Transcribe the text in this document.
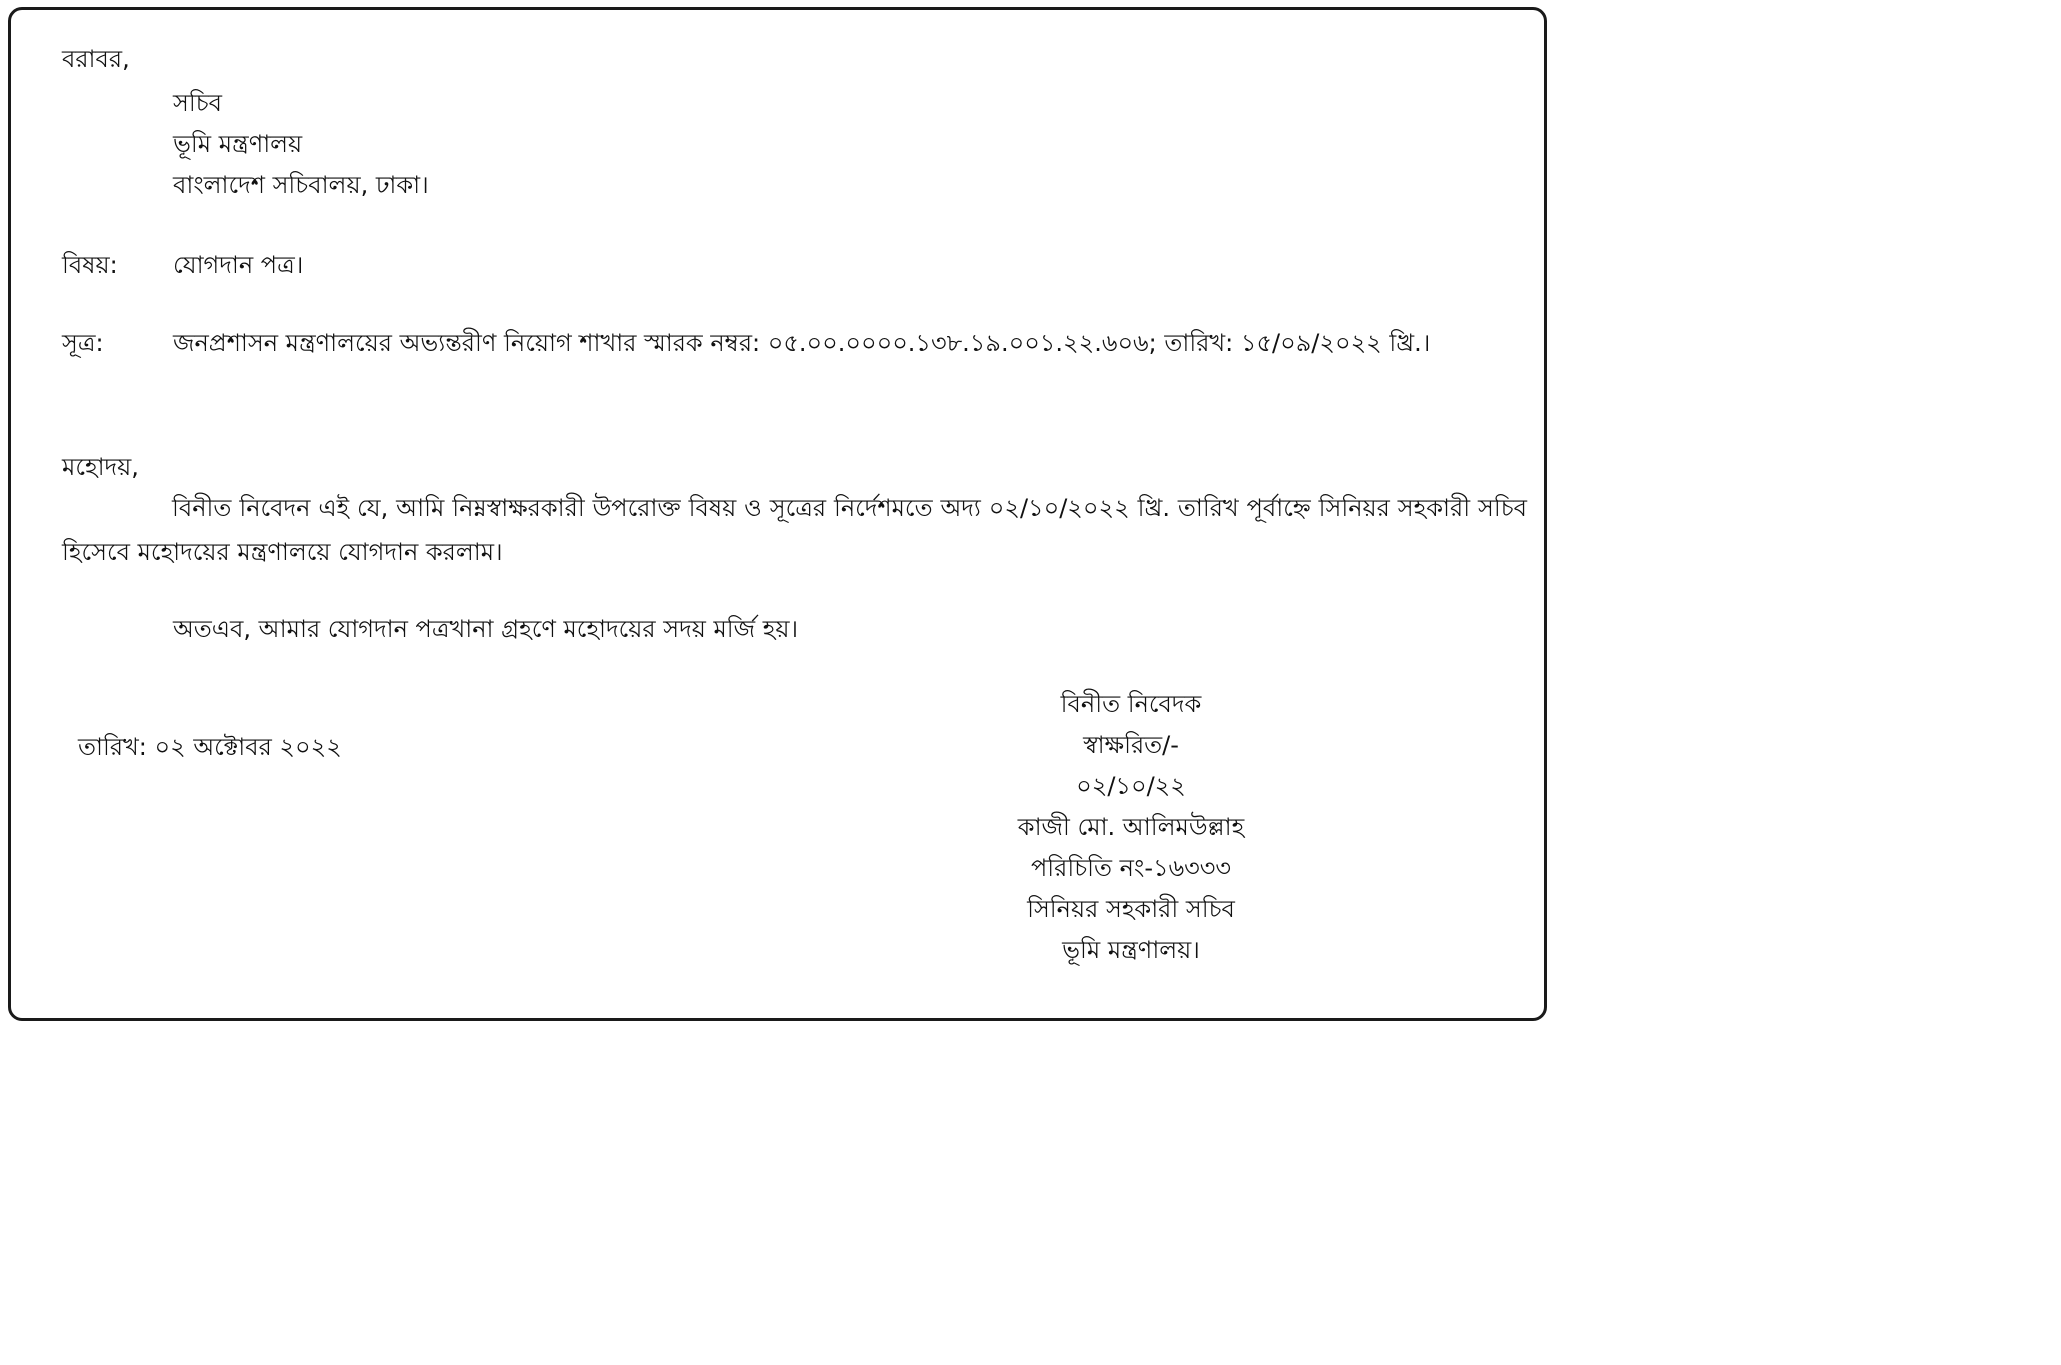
বরাবর,
সচিব
ভূমি মন্ত্রণালয়
বাংলাদেশ সচিবালয়, ঢাকা।
বিষয়: যোগদান পত্র।
সূত্র:	জনপ্রশাসন মন্ত্রণালয়ের অভ্যন্তরীণ নিয়োগ শাখার স্মারক নম্বর: ০৫.০০.০০০০.১৩৮.১৯.০০১.২২.৬০৬; তারিখ: ১৫/০৯/২০২২ খ্রি.।
মহোদয়,
বিনীত নিবেদন এই যে, আমি নিম্নস্বাক্ষরকারী উপরোক্ত বিষয় ও সূত্রের নির্দেশমতে অদ্য ০২/১০/২০২২ খ্রি. তারিখ পূর্বাহ্নে সিনিয়র সহকারী সচিব হিসেবে মহোদয়ের মন্ত্রণালয়ে যোগদান করলাম।
অতএব, আমার যোগদান পত্রখানা গ্রহণে মহোদয়ের সদয় মর্জি হয়।
তারিখ: ০২ অক্টোবর ২০২২
বিনীত নিবেদক
স্বাক্ষরিত/-
০২/১০/২২
কাজী মো. আলিমউল্লাহ
পরিচিতি নং-১৬৩৩৩
সিনিয়র সহকারী সচিব
ভূমি মন্ত্রণালয়।
